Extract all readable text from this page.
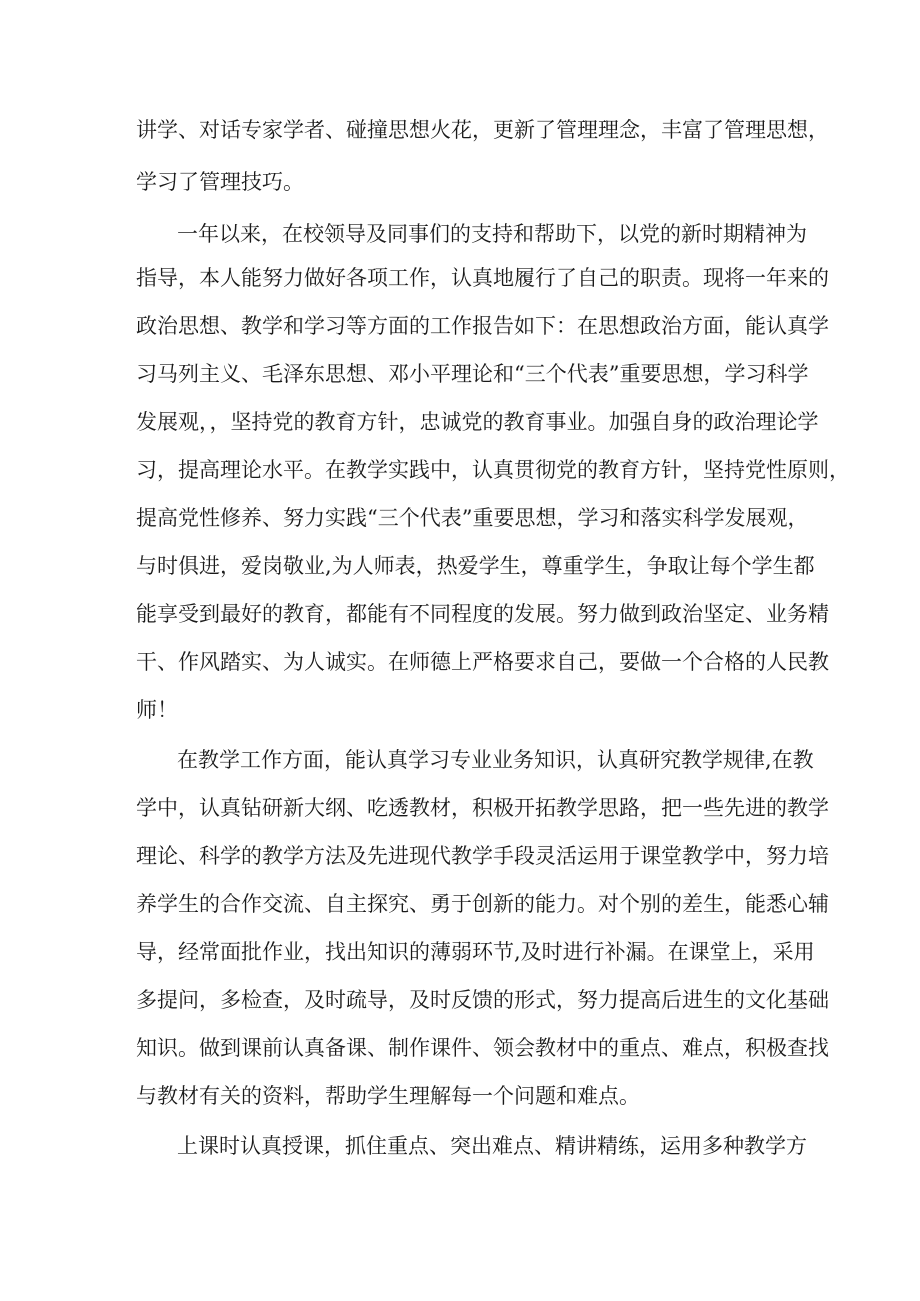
讲学、对话专家学者、碰撞思想火花，更新了管理理念，丰富了管理思想，
学习了管理技巧。
一年以来，在校领导及同事们的支持和帮助下，以党的新时期精神为
指导，本人能努力做好各项工作，认真地履行了自己的职责。现将一年来的
政治思想、教学和学习等方面的工作报告如下：在思想政治方面，能认真学
习马列主义、毛泽东思想、邓小平理论和“三个代表”重要思想，学习科学
发展观，，坚持党的教育方针，忠诚党的教育事业。加强自身的政治理论学
习，提高理论水平。在教学实践中，认真贯彻党的教育方针，坚持党性原则，
提高党性修养、努力实践“三个代表”重要思想，学习和落实科学发展观，
与时俱进，爱岗敬业,为人师表，热爱学生，尊重学生，争取让每个学生都
能享受到最好的教育，都能有不同程度的发展。努力做到政治坚定、业务精
干、作风踏实、为人诚实。在师德上严格要求自己，要做一个合格的人民教
师！
在教学工作方面，能认真学习专业业务知识，认真研究教学规律,在教
学中，认真钻研新大纲、吃透教材，积极开拓教学思路，把一些先进的教学
理论、科学的教学方法及先进现代教学手段灵活运用于课堂教学中，努力培
养学生的合作交流、自主探究、勇于创新的能力。对个别的差生，能悉心辅
导，经常面批作业，找出知识的薄弱环节,及时进行补漏。在课堂上，采用
多提问，多检查，及时疏导，及时反馈的形式，努力提高后进生的文化基础
知识。做到课前认真备课、制作课件、领会教材中的重点、难点，积极查找
与教材有关的资料，帮助学生理解每一个问题和难点。
上课时认真授课，抓住重点、突出难点、精讲精练，运用多种教学方
